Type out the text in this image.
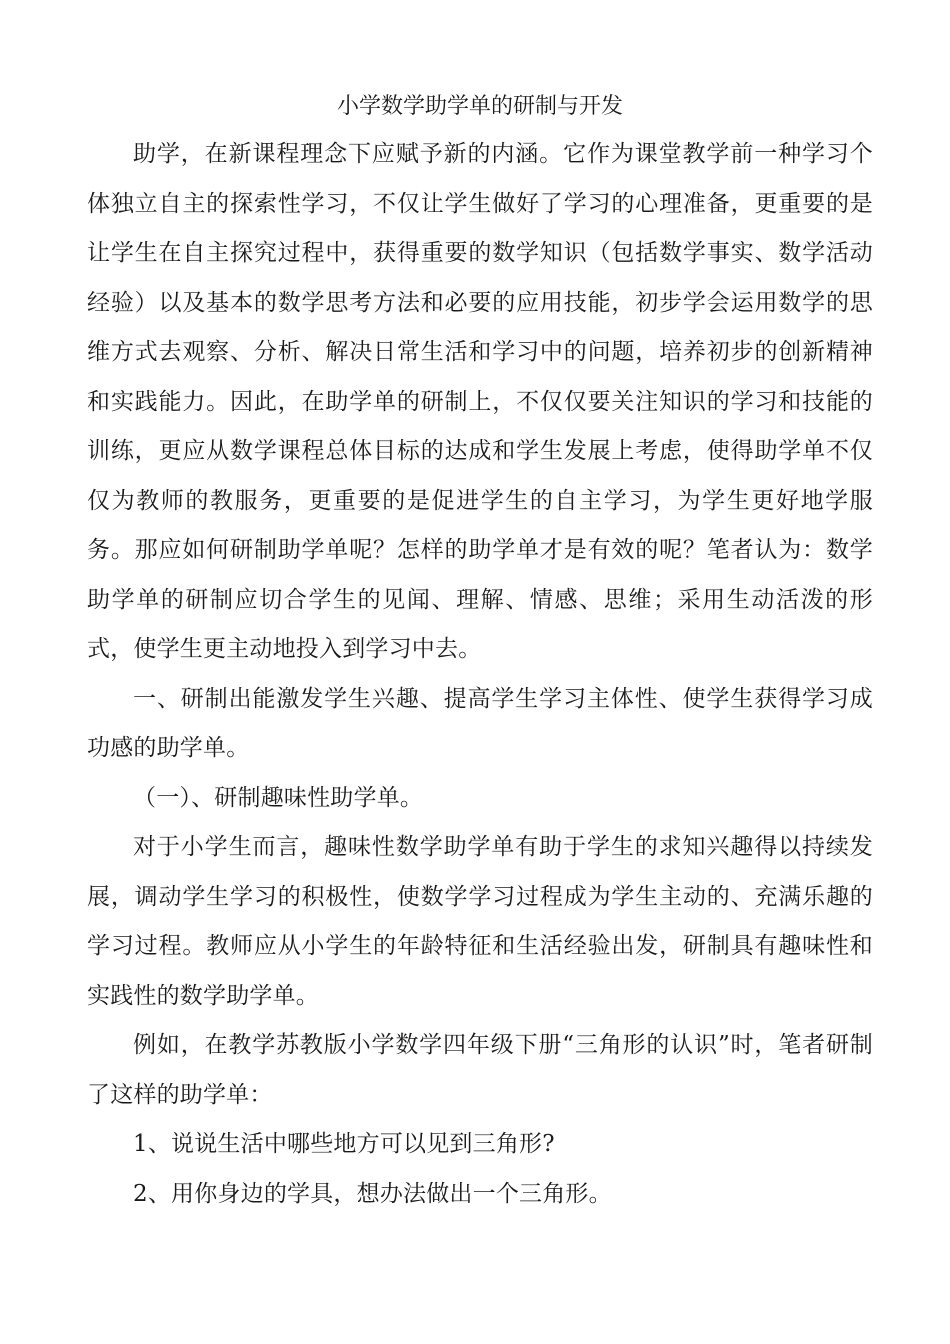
小学数学助学单的研制与开发

助学，在新课程理念下应赋予新的内涵。它作为课堂教学前一种学习个体独立自主的探索性学习，不仅让学生做好了学习的心理准备，更重要的是让学生在自主探究过程中，获得重要的数学知识（包括数学事实、数学活动经验）以及基本的数学思考方法和必要的应用技能，初步学会运用数学的思维方式去观察、分析、解决日常生活和学习中的问题，培养初步的创新精神和实践能力。因此，在助学单的研制上，不仅仅要关注知识的学习和技能的训练，更应从数学课程总体目标的达成和学生发展上考虑，使得助学单不仅仅为教师的教服务，更重要的是促进学生的自主学习，为学生更好地学服务。那应如何研制助学单呢？怎样的助学单才是有效的呢？笔者认为：数学助学单的研制应切合学生的见闻、理解、情感、思维；采用生动活泼的形式，使学生更主动地投入到学习中去。

一、研制出能激发学生兴趣、提高学生学习主体性、使学生获得学习成功感的助学单。

（一）、研制趣味性助学单。

对于小学生而言，趣味性数学助学单有助于学生的求知兴趣得以持续发展，调动学生学习的积极性，使数学学习过程成为学生主动的、充满乐趣的学习过程。教师应从小学生的年龄特征和生活经验出发，研制具有趣味性和实践性的数学助学单。

例如，在教学苏教版小学数学四年级下册“三角形的认识”时，笔者研制了这样的助学单：

1、说说生活中哪些地方可以见到三角形?

2、用你身边的学具，想办法做出一个三角形。
